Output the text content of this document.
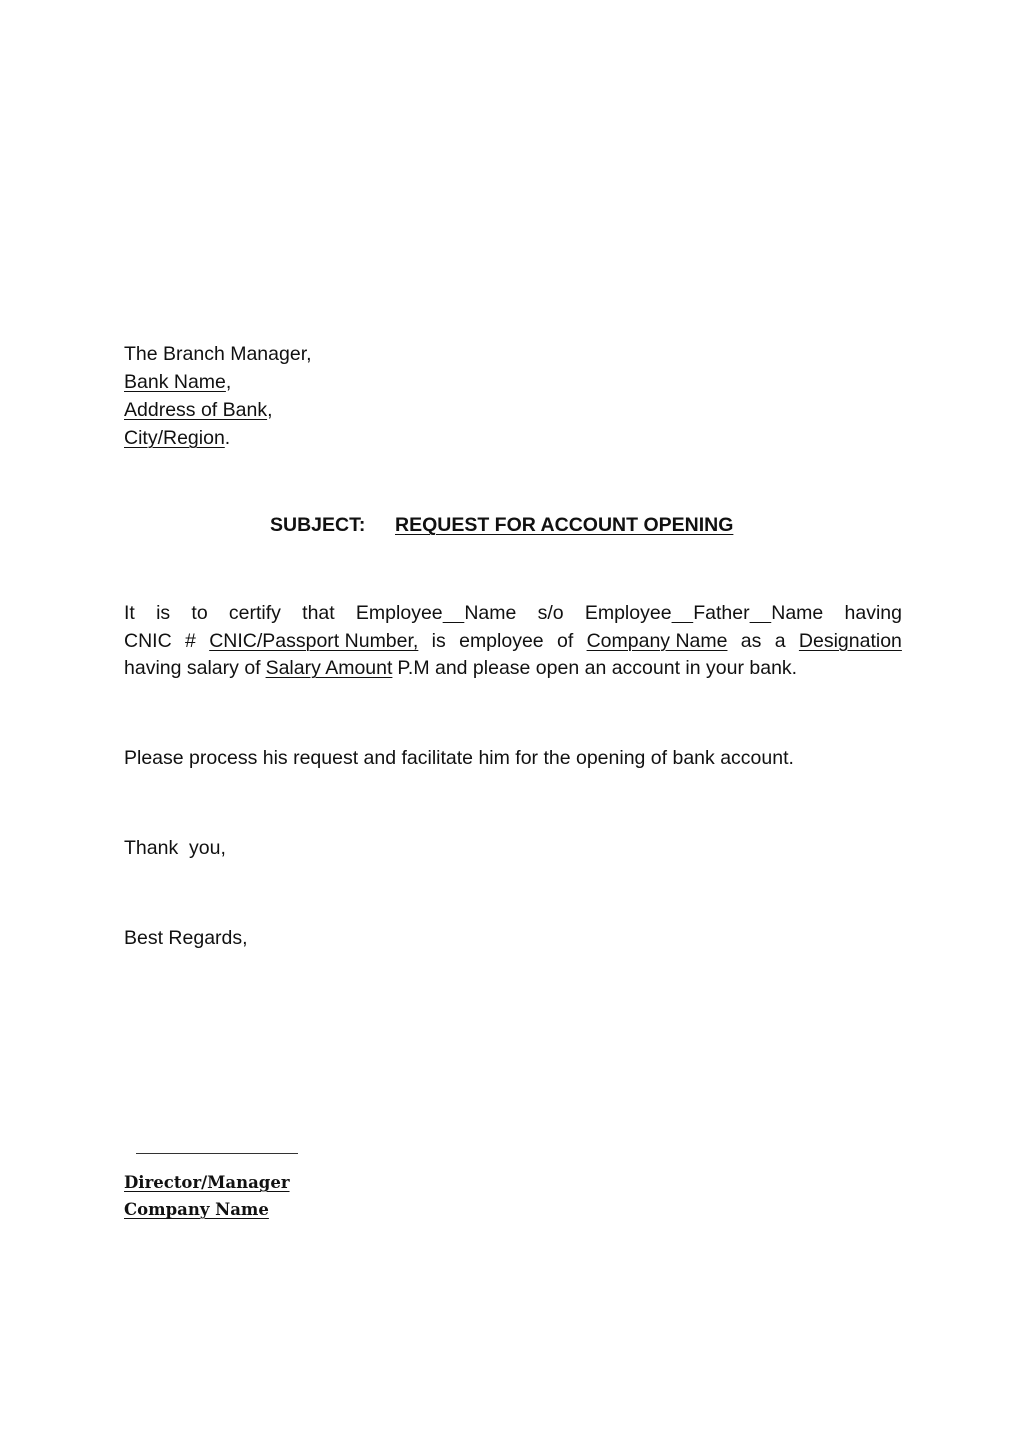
The Branch Manager,
Bank Name,
Address of Bank,
City/Region.
SUBJECT: REQUEST FOR ACCOUNT OPENING
It is to certify that Employee Name s/o Employee Father Name having
CNIC # CNIC/Passport Number, is employee of Company Name as a Designation
having salary of Salary Amount P.M and please open an account in your bank.
Please process his request and facilitate him for the opening of bank account.
Thank  you,
Best Regards,
Director/Manager
Company Name
